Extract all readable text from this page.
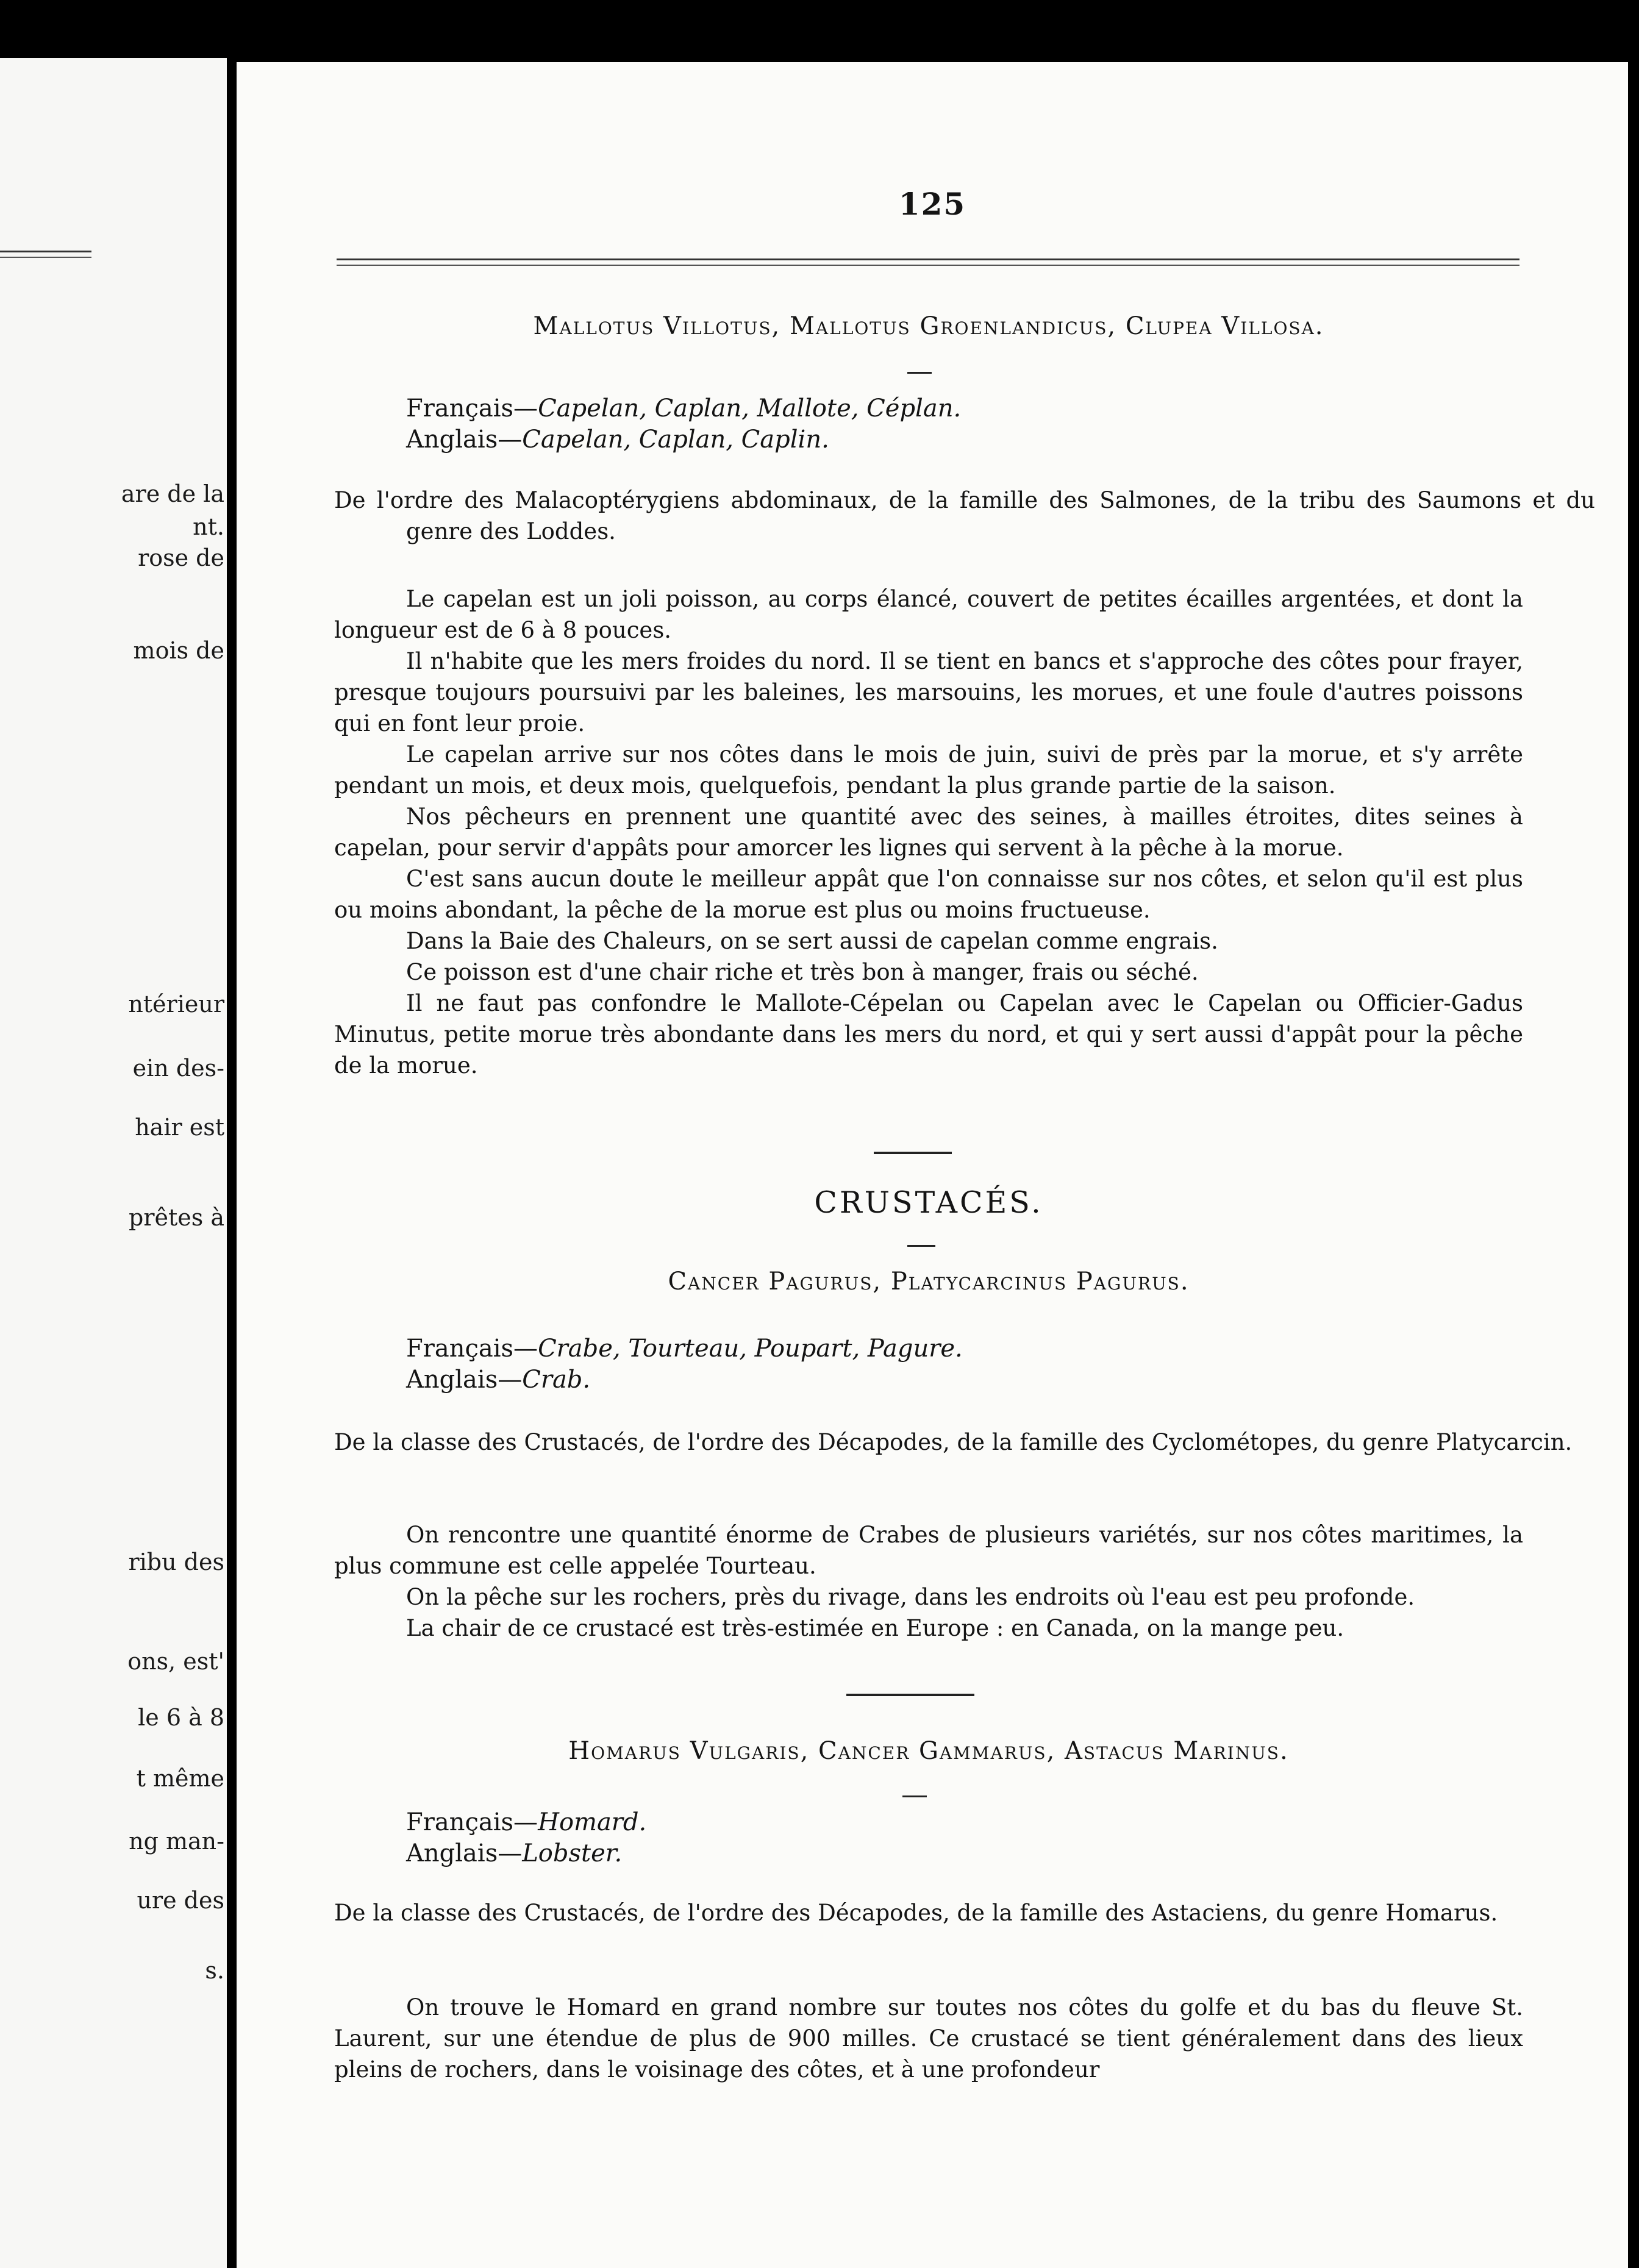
are de la
nt.
rose de
mois de
ntérieur
ein des-
hair est
prêtes à
ribu des
ons, est'
le 6 à 8
t même
ng man-
ure des
s.
125
Mallotus Villotus, Mallotus Groenlandicus, Clupea Villosa.
Français—Capelan, Caplan, Mallote, Céplan.
Anglais—Capelan, Caplan, Caplin.
De l'ordre des Malacoptérygiens abdominaux, de la famille des Salmones, de la tribu des Saumons et du genre des Loddes.

Le capelan est un joli poisson, au corps élancé, couvert de petites écailles argentées, et dont la longueur est de 6 à 8 pouces.

Il n'habite que les mers froides du nord. Il se tient en bancs et s'approche des côtes pour frayer, presque toujours poursuivi par les baleines, les marsouins, les morues, et une foule d'autres poissons qui en font leur proie.

Le capelan arrive sur nos côtes dans le mois de juin, suivi de près par la morue, et s'y arrête pendant un mois, et deux mois, quelquefois, pendant la plus grande partie de la saison.

Nos pêcheurs en prennent une quantité avec des seines, à mailles étroites, dites seines à capelan, pour servir d'appâts pour amorcer les lignes qui servent à la pêche à la morue.

C'est sans aucun doute le meilleur appât que l'on connaisse sur nos côtes, et selon qu'il est plus ou moins abondant, la pêche de la morue est plus ou moins fructueuse.

Dans la Baie des Chaleurs, on se sert aussi de capelan comme engrais.

Ce poisson est d'une chair riche et très bon à manger, frais ou séché.

Il ne faut pas confondre le Mallote-Cépelan ou Capelan avec le Capelan ou Officier-Gadus Minutus, petite morue très abondante dans les mers du nord, et qui y sert aussi d'appât pour la pêche de la morue.

CRUSTACÉS.
Cancer Pagurus, Platycarcinus Pagurus.
Français—Crabe, Tourteau, Poupart, Pagure.
Anglais—Crab.
De la classe des Crustacés, de l'ordre des Décapodes, de la famille des Cyclométopes, du genre Platycarcin.

On rencontre une quantité énorme de Crabes de plusieurs variétés, sur nos côtes maritimes, la plus commune est celle appelée Tourteau.

On la pêche sur les rochers, près du rivage, dans les endroits où l'eau est peu profonde.

La chair de ce crustacé est très-estimée en Europe : en Canada, on la mange peu.

Homarus Vulgaris, Cancer Gammarus, Astacus Marinus.
Français—Homard.
Anglais—Lobster.
De la classe des Crustacés, de l'ordre des Décapodes, de la famille des Astaciens, du genre Homarus.

On trouve le Homard en grand nombre sur toutes nos côtes du golfe et du bas du fleuve St. Laurent, sur une étendue de plus de 900 milles. Ce crustacé se tient généralement dans des lieux pleins de rochers, dans le voisinage des côtes, et à une profondeur
